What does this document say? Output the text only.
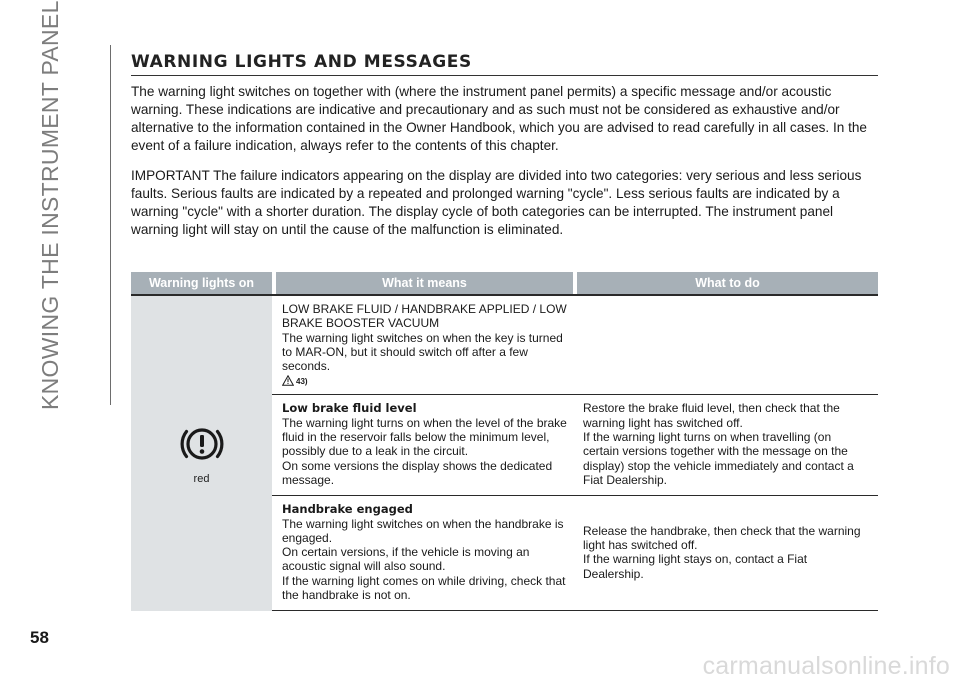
KNOWING THE INSTRUMENT PANEL
58
WARNING LIGHTS AND MESSAGES

The warning light switches on together with (where the instrument panel permits) a specific message and/or acoustic warning. These indications are indicative and precautionary and as such must not be considered as exhaustive and/or alternative to the information contained in the Owner Handbook, which you are advised to read carefully in all cases. In the event of a failure indication, always refer to the contents of this chapter.

IMPORTANT The failure indicators appearing on the display are divided into two categories: very serious and less serious faults. Serious faults are indicated by a repeated and prolonged warning "cycle". Less serious faults are indicated by a warning "cycle" with a shorter duration. The display cycle of both categories can be interrupted. The instrument panel warning light will stay on until the cause of the malfunction is eliminated.

Warning lights on	What it means	What to do
red
LOW BRAKE FLUID / HANDBRAKE APPLIED / LOW BRAKE BOOSTER VACUUM
The warning light switches on when the key is turned to MAR-ON, but it should switch off after a few seconds.
43)
Low brake fluid level
The warning light turns on when the level of the brake fluid in the reservoir falls below the minimum level, possibly due to a leak in the circuit.
On some versions the display shows the dedicated message.
Restore the brake fluid level, then check that the warning light has switched off.
If the warning light turns on when travelling (on certain versions together with the message on the display) stop the vehicle immediately and contact a Fiat Dealership.
Handbrake engaged
The warning light switches on when the handbrake is engaged.
On certain versions, if the vehicle is moving an acoustic signal will also sound.
If the warning light comes on while driving, check that the handbrake is not on.
Release the handbrake, then check that the warning light has switched off.
If the warning light stays on, contact a Fiat Dealership.
carmanualsonline.info
